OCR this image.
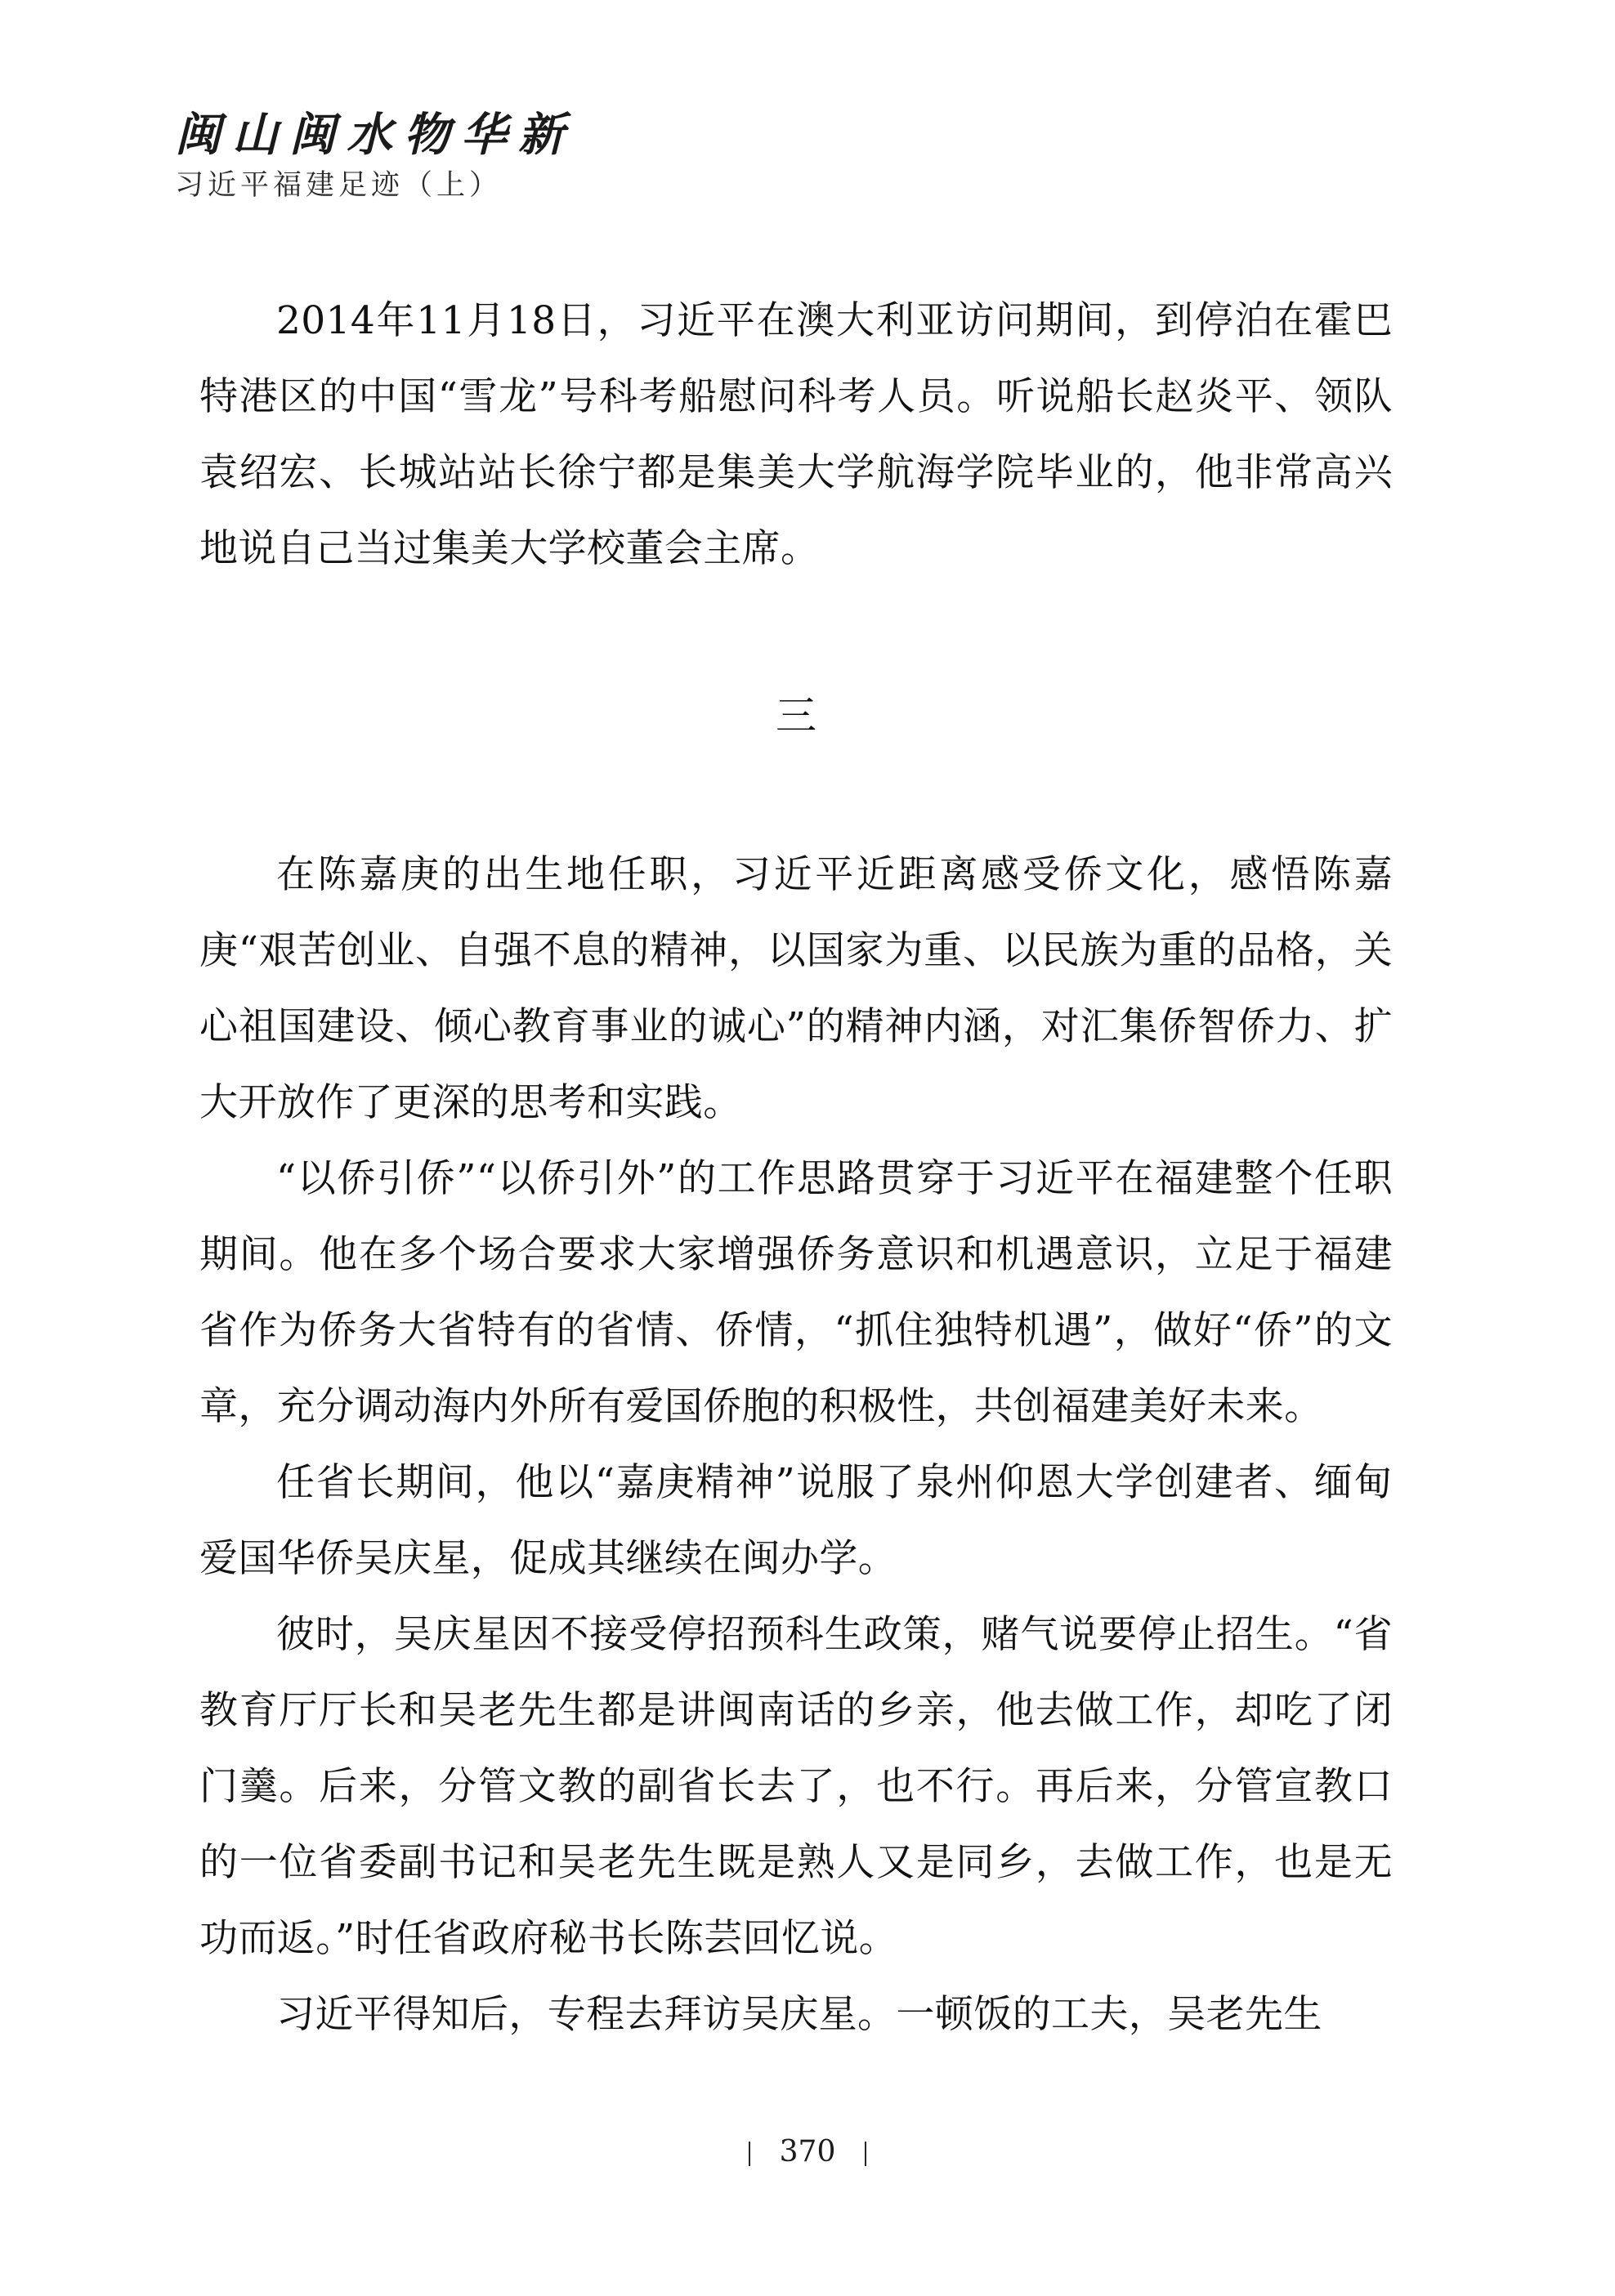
闽山闽水物华新
习近平福建足迹（上）

2014年11月18日，习近平在澳大利亚访问期间，到停泊在霍巴特港区的中国“雪龙”号科考船慰问科考人员。听说船长赵炎平、领队袁绍宏、长城站站长徐宁都是集美大学航海学院毕业的，他非常高兴地说自己当过集美大学校董会主席。

三

在陈嘉庚的出生地任职，习近平近距离感受侨文化，感悟陈嘉庚“艰苦创业、自强不息的精神，以国家为重、以民族为重的品格，关心祖国建设、倾心教育事业的诚心”的精神内涵，对汇集侨智侨力、扩大开放作了更深的思考和实践。

“以侨引侨”“以侨引外”的工作思路贯穿于习近平在福建整个任职期间。他在多个场合要求大家增强侨务意识和机遇意识，立足于福建省作为侨务大省特有的省情、侨情，“抓住独特机遇”，做好“侨”的文章，充分调动海内外所有爱国侨胞的积极性，共创福建美好未来。

任省长期间，他以“嘉庚精神”说服了泉州仰恩大学创建者、缅甸爱国华侨吴庆星，促成其继续在闽办学。

彼时，吴庆星因不接受停招预科生政策，赌气说要停止招生。“省教育厅厅长和吴老先生都是讲闽南话的乡亲，他去做工作，却吃了闭门羹。后来，分管文教的副省长去了，也不行。再后来，分管宣教口的一位省委副书记和吴老先生既是熟人又是同乡，去做工作，也是无功而返。”时任省政府秘书长陈芸回忆说。

习近平得知后，专程去拜访吴庆星。一顿饭的工夫，吴老先生

370
